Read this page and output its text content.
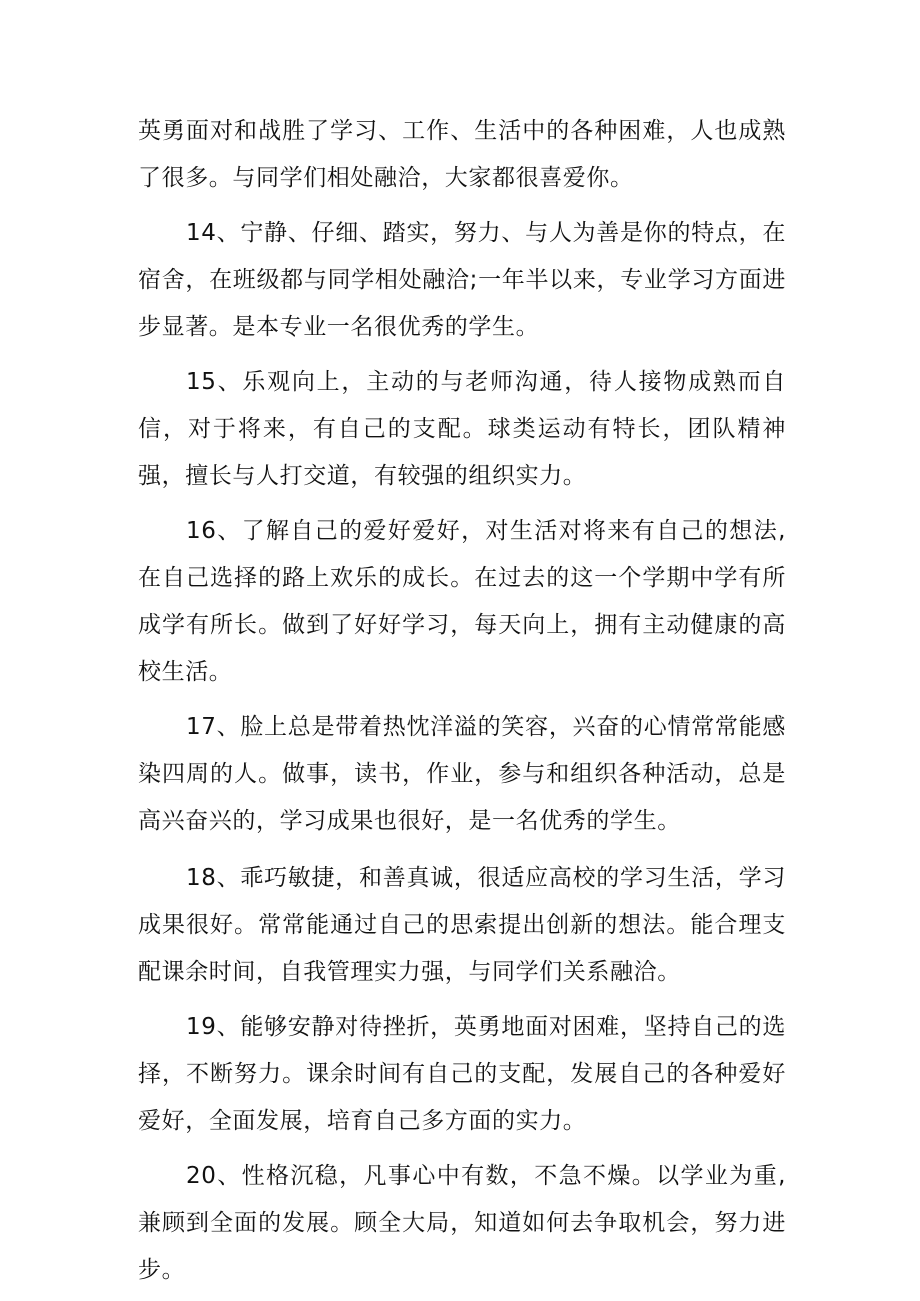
英勇面对和战胜了学习、工作、生活中的各种困难，人也成熟了很多。与同学们相处融洽，大家都很喜爱你。

14、宁静、仔细、踏实，努力、与人为善是你的特点，在宿舍，在班级都与同学相处融洽;一年半以来，专业学习方面进步显著。是本专业一名很优秀的学生。

15、乐观向上，主动的与老师沟通，待人接物成熟而自信，对于将来，有自己的支配。球类运动有特长，团队精神强，擅长与人打交道，有较强的组织实力。

16、了解自己的爱好爱好，对生活对将来有自己的想法,在自己选择的路上欢乐的成长。在过去的这一个学期中学有所成学有所长。做到了好好学习，每天向上，拥有主动健康的高校生活。

17、脸上总是带着热忱洋溢的笑容，兴奋的心情常常能感染四周的人。做事，读书，作业，参与和组织各种活动，总是高兴奋兴的，学习成果也很好，是一名优秀的学生。

18、乖巧敏捷，和善真诚，很适应高校的学习生活，学习成果很好。常常能通过自己的思索提出创新的想法。能合理支配课余时间，自我管理实力强，与同学们关系融洽。

19、能够安静对待挫折，英勇地面对困难，坚持自己的选择，不断努力。课余时间有自己的支配，发展自己的各种爱好爱好，全面发展，培育自己多方面的实力。

20、性格沉稳，凡事心中有数，不急不燥。以学业为重,兼顾到全面的发展。顾全大局，知道如何去争取机会，努力进步。
